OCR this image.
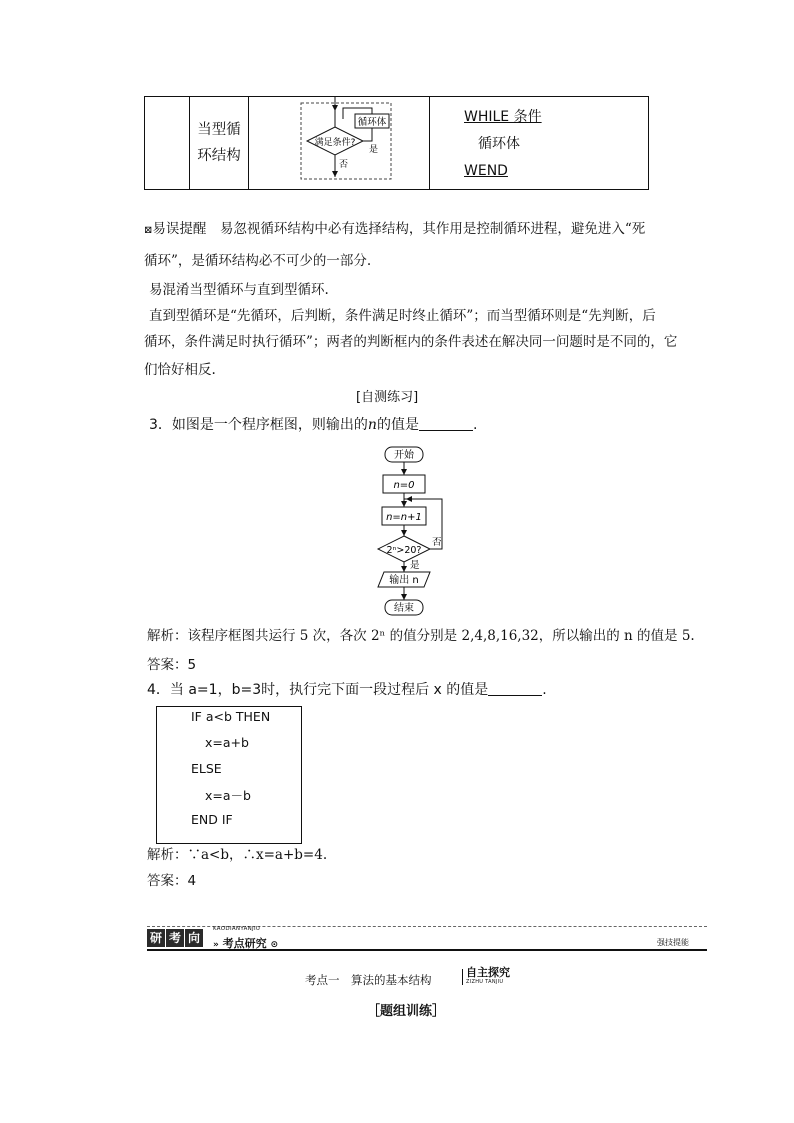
当型循
环结构

满足条件?
循环体
是
否

WHILE 条件
循环体
WEND
⊠易误提醒　 易忽视循环结构中必有选择结构，其作用是控制循环进程，避免进入“死
循环”，是循环结构必不可少的一部分.
易混淆当型循环与直到型循环.
直到型循环是“先循环，后判断，条件满足时终止循环”；而当型循环则是“先判断，后
循环，条件满足时执行循环”；两者的判断框内的条件表述在解决同一问题时是不同的，它
们恰好相反.
[自测练习]
3．如图是一个程序框图，则输出的n的值是	.
开始
n=0
n=n+1
2ⁿ>20?
否
是
输出 n
结束
解析：该程序框图共运行 5 次，各次 2ⁿ 的值分别是 2,4,8,16,32，所以输出的 n 的值是 5.
答案：5
4．当 a=1，b=3时，执行完下面一段过程后 x 的值是	.
IF a<b THEN
x=a+b
ELSE
x=a－b
END IF
解析：∵a<b，∴x=a+b=4.
答案：4
研 考 向
KAODIANYANJIU
» 考点研究 ⊙	强技提能
考点一　算法的基本结构
自主探究
ZIZHU TANJIU
［题组训练］
